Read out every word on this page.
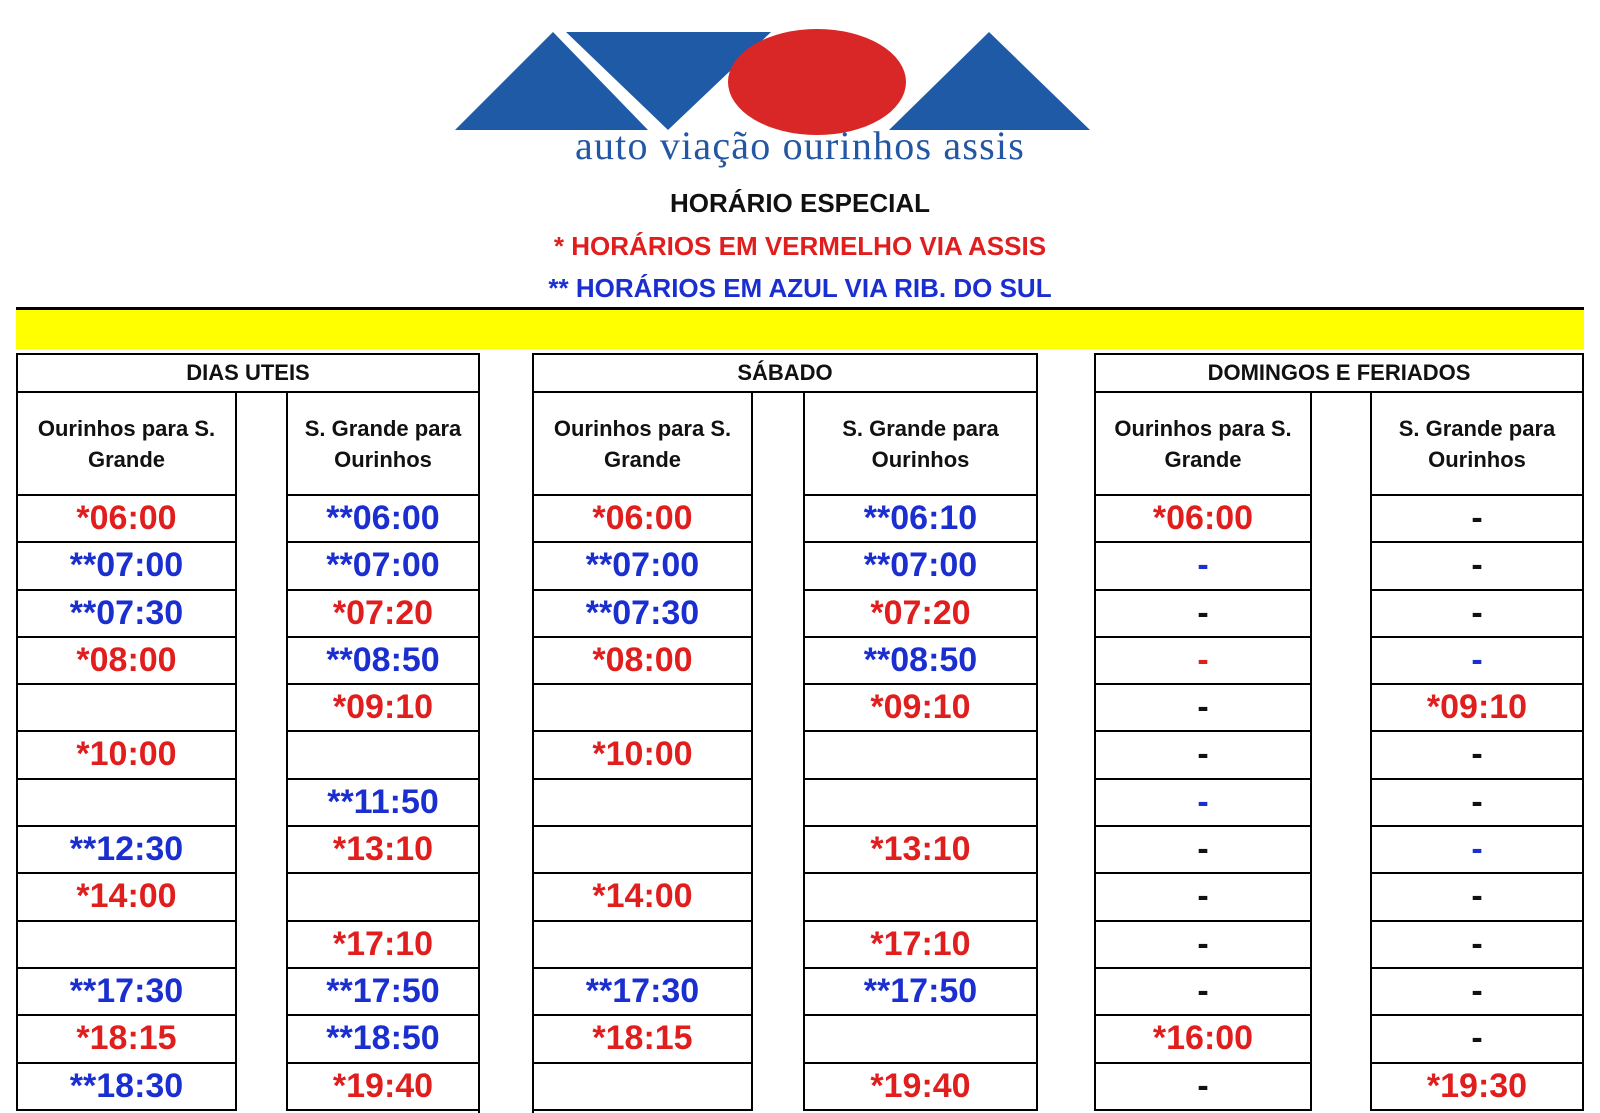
auto viação ourinhos assis
HORÁRIO ESPECIAL
* HORÁRIOS EM VERMELHO VIA ASSIS
** HORÁRIOS EM AZUL VIA RIB. DO SUL
DIAS UTEIS
Ourinhos para S. Grande
*06:00
**07:00
**07:30
*08:00
*10:00
**12:30
*14:00
**17:30
*18:15
**18:30
S. Grande para Ourinhos
**06:00
**07:00
*07:20
**08:50
*09:10
**11:50
*13:10
*17:10
**17:50
**18:50
*19:40
SÁBADO
Ourinhos para S. Grande
*06:00
**07:00
**07:30
*08:00
*10:00
*14:00
**17:30
*18:15
S. Grande para Ourinhos
**06:10
**07:00
*07:20
**08:50
*09:10
*13:10
*17:10
**17:50
*19:40
DOMINGOS E FERIADOS
Ourinhos para S. Grande
*06:00
-
-
-
-
-
-
-
-
-
-
*16:00
-
S. Grande para Ourinhos
-
-
-
-
*09:10
-
-
-
-
-
-
-
*19:30
